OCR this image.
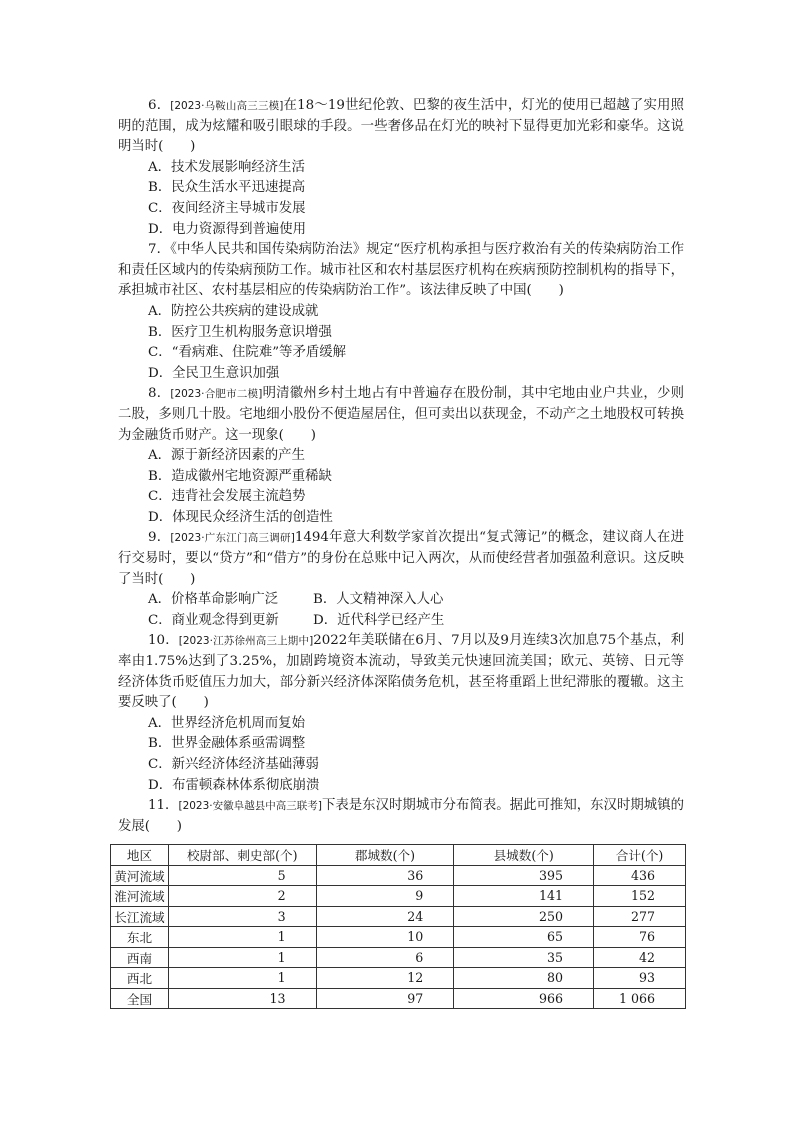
6．[2023·乌鞍山高三三模]在18～19世纪伦敦、巴黎的夜生活中，灯光的使用已超越了实用照明的范围，成为炫耀和吸引眼球的手段。一些奢侈品在灯光的映衬下显得更加光彩和豪华。这说明当时(　　)

A．技术发展影响经济生活

B．民众生活水平迅速提高

C．夜间经济主导城市发展

D．电力资源得到普遍使用

7．《中华人民共和国传染病防治法》规定“医疗机构承担与医疗救治有关的传染病防治工作和责任区域内的传染病预防工作。城市社区和农村基层医疗机构在疾病预防控制机构的指导下，承担城市社区、农村基层相应的传染病防治工作”。该法律反映了中国(　　)

A．防控公共疾病的建设成就

B．医疗卫生机构服务意识增强

C．“看病难、住院难”等矛盾缓解

D．全民卫生意识加强

8．[2023·合肥市二模]明清徽州乡村土地占有中普遍存在股份制，其中宅地由业户共业，少则二股，多则几十股。宅地细小股份不便造屋居住，但可卖出以获现金，不动产之土地股权可转换为金融货币财产。这一现象(　　)

A．源于新经济因素的产生

B．造成徽州宅地资源严重稀缺

C．违背社会发展主流趋势

D．体现民众经济生活的创造性

9．[2023·广东江门高三调研]1494年意大利数学家首次提出“复式簿记”的概念，建议商人在进行交易时，要以“贷方”和“借方”的身份在总账中记入两次，从而使经营者加强盈利意识。这反映了当时(　　)

A．价格革命影响广泛	B．人文精神深入人心
C．商业观念得到更新	D．近代科学已经产生

10．[2023·江苏徐州高三上期中]2022年美联储在6月、7月以及9月连续3次加息75个基点，利率由1.75%达到了3.25%，加剧跨境资本流动，导致美元快速回流美国；欧元、英镑、日元等经济体货币贬值压力加大，部分新兴经济体深陷债务危机，甚至将重蹈上世纪滞胀的覆辙。这主要反映了(　　)

A．世界经济危机周而复始

B．世界金融体系亟需调整

C．新兴经济体经济基础薄弱

D．布雷顿森林体系彻底崩溃

11．[2023·安徽阜越县中高三联考]下表是东汉时期城市分布简表。据此可推知，东汉时期城镇的发展(　　)

地区	校尉部、刺史部(个)	郡城数(个)	县城数(个)	合计(个)
黄河流域	5	36	395	436
淮河流域	2	9	141	152
长江流域	3	24	250	277
东北	1	10	65	76
西南	1	6	35	42
西北	1	12	80	93
全国	13	97	966	1 066
